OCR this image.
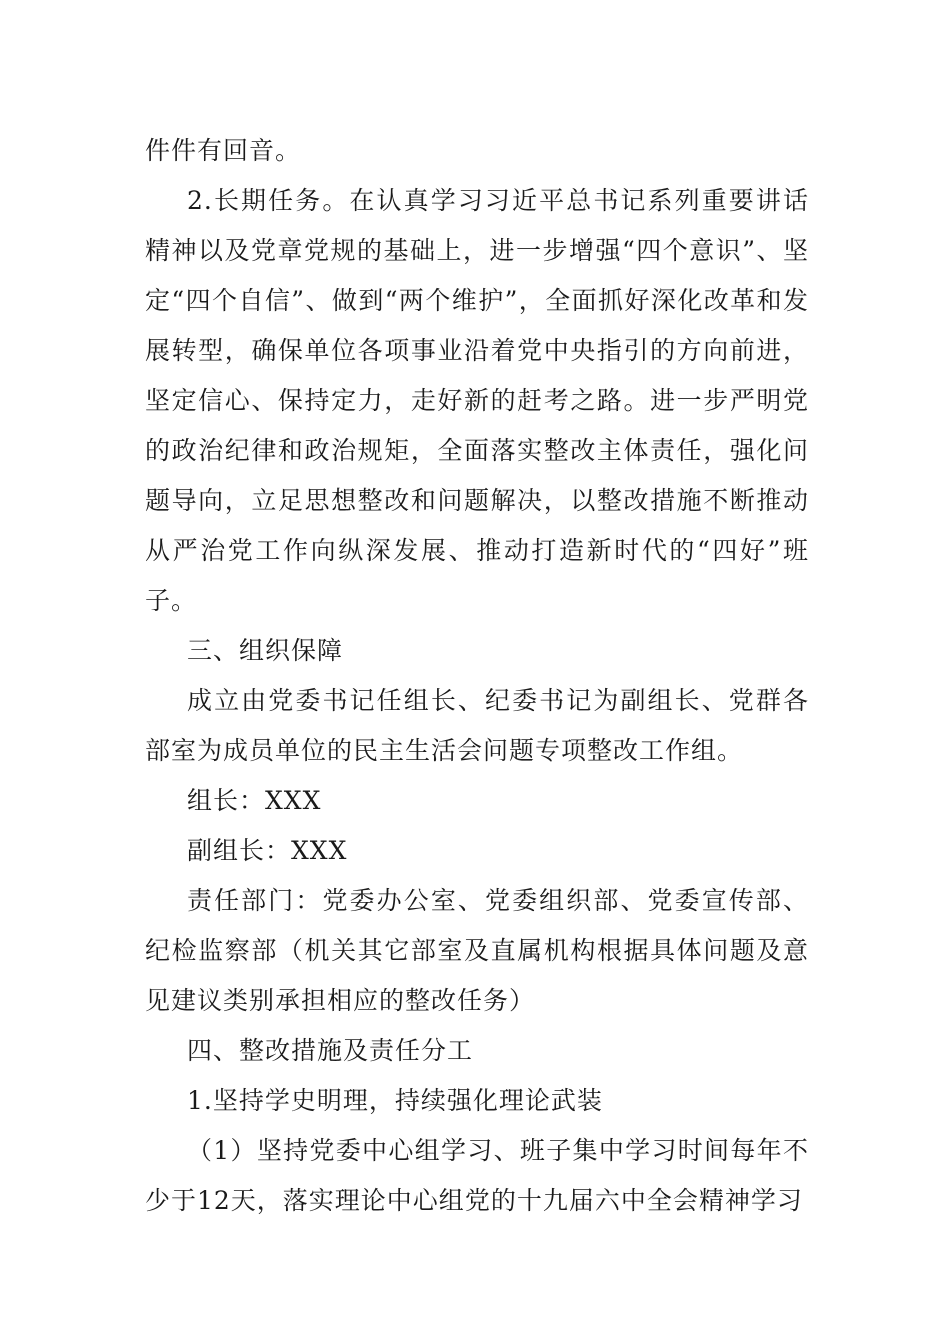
件件有回音。

2.长期任务。在认真学习习近平总书记系列重要讲话精神以及党章党规的基础上，进一步增强“四个意识”、坚定“四个自信”、做到“两个维护”，全面抓好深化改革和发展转型，确保单位各项事业沿着党中央指引的方向前进，坚定信心、保持定力，走好新的赶考之路。进一步严明党的政治纪律和政治规矩，全面落实整改主体责任，强化问题导向，立足思想整改和问题解决，以整改措施不断推动从严治党工作向纵深发展、推动打造新时代的“四好”班子。

三、组织保障

成立由党委书记任组长、纪委书记为副组长、党群各部室为成员单位的民主生活会问题专项整改工作组。

组长：XXX

副组长：XXX

责任部门：党委办公室、党委组织部、党委宣传部、纪检监察部（机关其它部室及直属机构根据具体问题及意见建议类别承担相应的整改任务）

四、整改措施及责任分工

1.坚持学史明理，持续强化理论武装

（1）坚持党委中心组学习、班子集中学习时间每年不少于12天，落实理论中心组党的十九届六中全会精神学习
